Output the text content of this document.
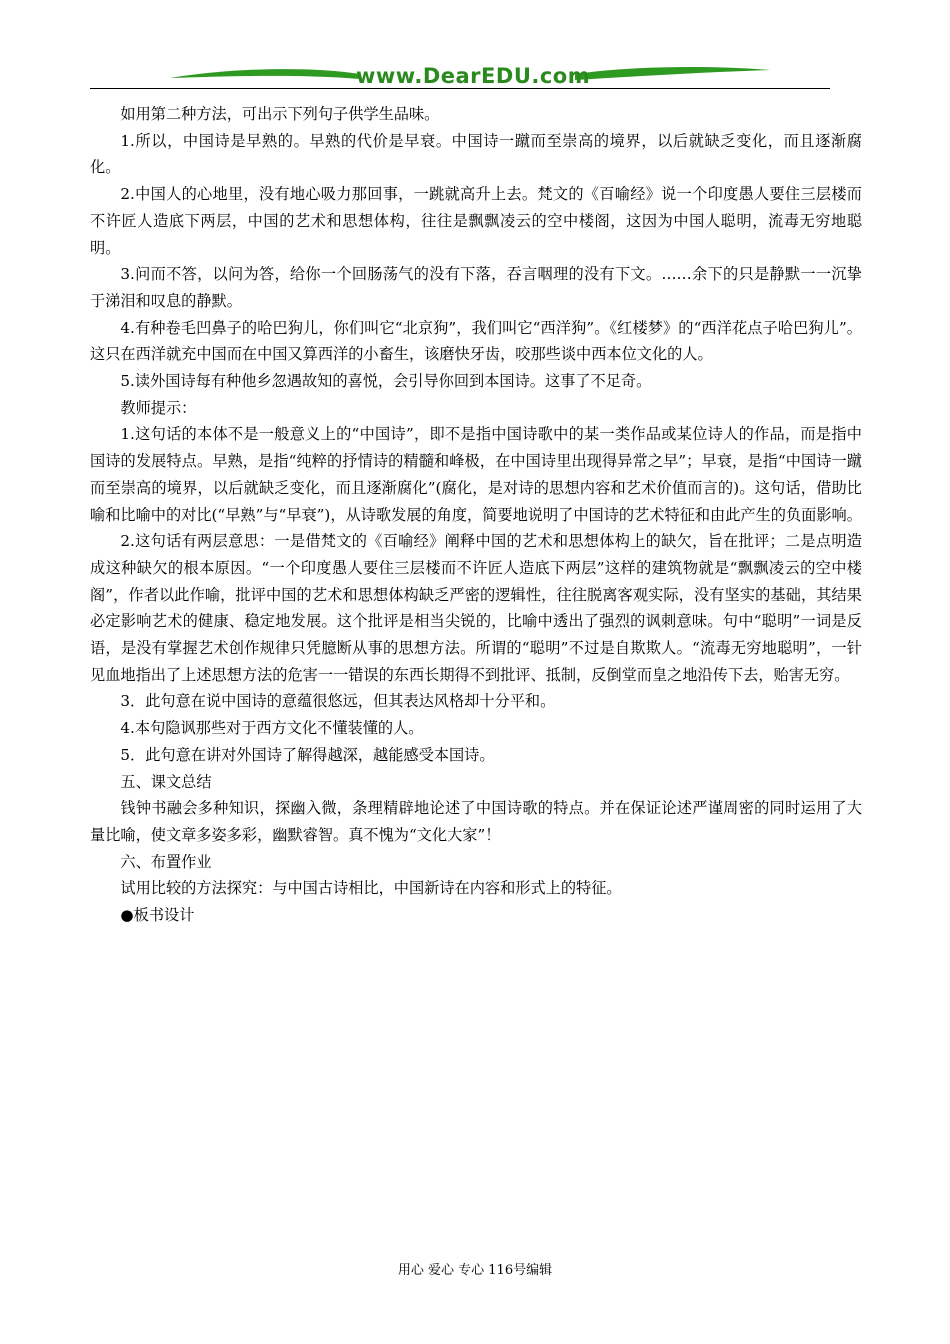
www.DearEDU.com

如用第二种方法，可出示下列句子供学生品味。

1.所以，中国诗是早熟的。早熟的代价是早衰。中国诗一蹴而至崇高的境界，以后就缺乏变化，而且逐渐腐化。

2.中国人的心地里，没有地心吸力那回事，一跳就高升上去。梵文的《百喻经》说一个印度愚人要住三层楼而不许匠人造底下两层，中国的艺术和思想体构，往往是飘飘凌云的空中楼阁，这因为中国人聪明，流毒无穷地聪明。

3.问而不答，以问为答，给你一个回肠荡气的没有下落，吞言咽理的没有下文。……余下的只是静默一一沉挚于涕泪和叹息的静默。

4.有种卷毛凹鼻子的哈巴狗儿，你们叫它“北京狗”，我们叫它“西洋狗”。《红楼梦》的“西洋花点子哈巴狗儿”。这只在西洋就充中国而在中国又算西洋的小畜生，该磨快牙齿，咬那些谈中西本位文化的人。

5.读外国诗每有种他乡忽遇故知的喜悦，会引导你回到本国诗。这事了不足奇。

教师提示：

1.这句话的本体不是一般意义上的“中国诗”，即不是指中国诗歌中的某一类作品或某位诗人的作品，而是指中国诗的发展特点。早熟，是指“纯粹的抒情诗的精髓和峰极，在中国诗里出现得异常之早”；早衰，是指“中国诗一蹴而至崇高的境界，以后就缺乏变化，而且逐渐腐化”(腐化，是对诗的思想内容和艺术价值而言的)。这句话，借助比喻和比喻中的对比(“早熟”与“早衰”)，从诗歌发展的角度，简要地说明了中国诗的艺术特征和由此产生的负面影响。

2.这句话有两层意思：一是借梵文的《百喻经》阐释中国的艺术和思想体构上的缺欠，旨在批评；二是点明造成这种缺欠的根本原因。“一个印度愚人要住三层楼而不许匠人造底下两层”这样的建筑物就是“飘飘凌云的空中楼阁”，作者以此作喻，批评中国的艺术和思想体构缺乏严密的逻辑性，往往脱离客观实际，没有坚实的基础，其结果必定影响艺术的健康、稳定地发展。这个批评是相当尖锐的，比喻中透出了强烈的讽刺意味。句中“聪明”一词是反语，是没有掌握艺术创作规律只凭臆断从事的思想方法。所谓的“聪明”不过是自欺欺人。“流毒无穷地聪明”，一针见血地指出了上述思想方法的危害一一错误的东西长期得不到批评、抵制，反倒堂而皇之地沿传下去，贻害无穷。

3．此句意在说中国诗的意蕴很悠远，但其表达风格却十分平和。

4.本句隐讽那些对于西方文化不懂装懂的人。

5．此句意在讲对外国诗了解得越深，越能感受本国诗。

五、课文总结

钱钟书融会多种知识，探幽入微，条理精辟地论述了中国诗歌的特点。并在保证论述严谨周密的同时运用了大量比喻，使文章多姿多彩，幽默睿智。真不愧为“文化大家”！

六、布置作业

试用比较的方法探究：与中国古诗相比，中国新诗在内容和形式上的特征。

●板书设计

用心 爱心 专心 116号编辑
